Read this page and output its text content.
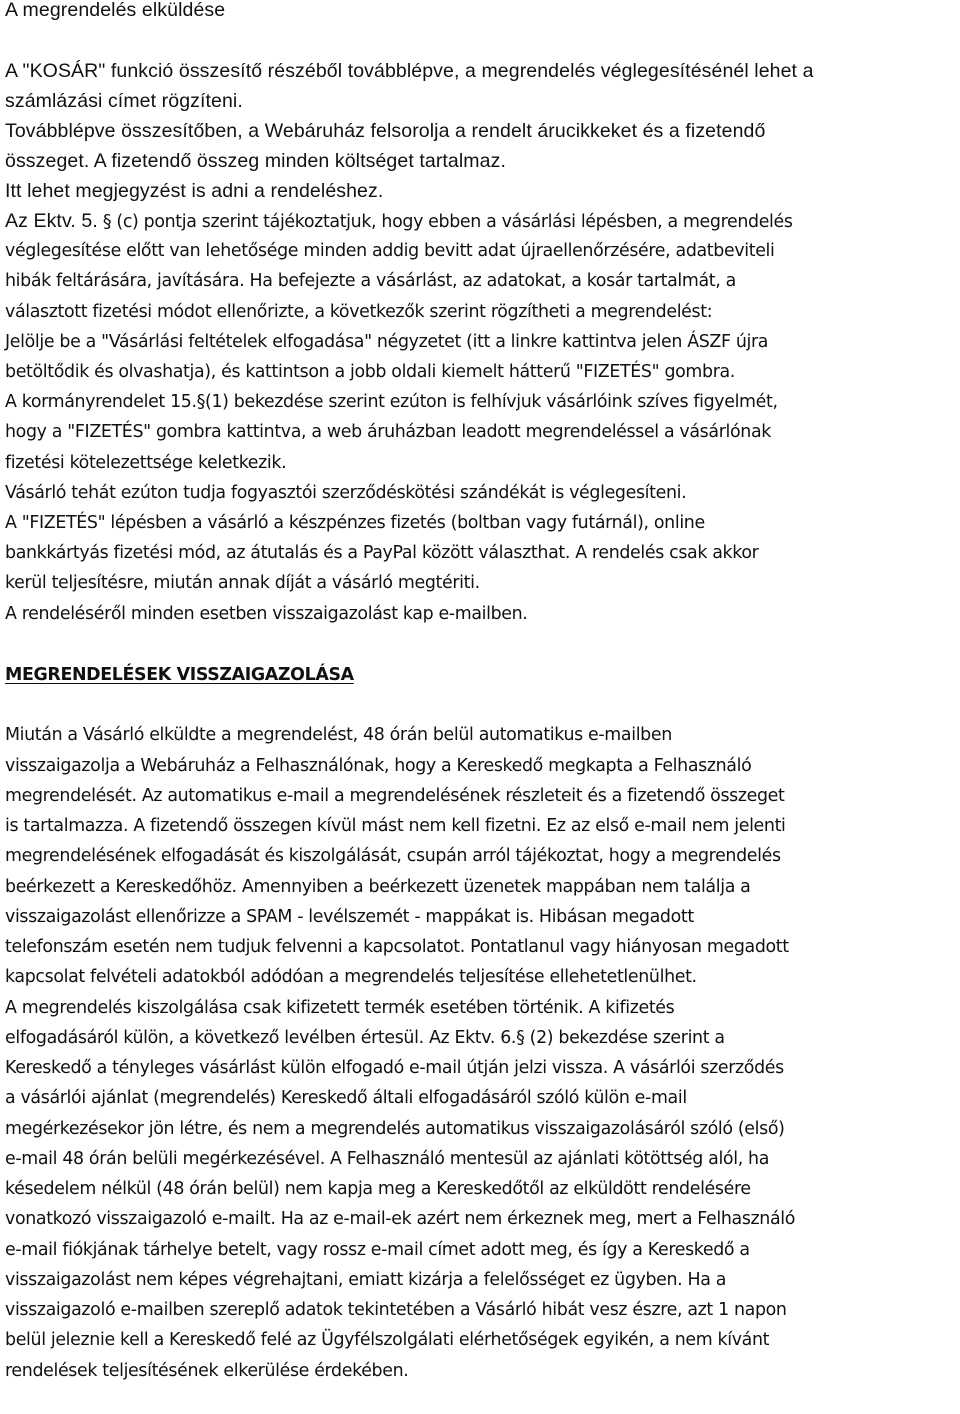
A megrendelés elküldése
A "KOSÁR" funkció összesítő részéből továbblépve, a megrendelés véglegesítésénél lehet a
számlázási címet rögzíteni.
Továbblépve összesítőben, a Webáruház felsorolja a rendelt árucikkeket és a fizetendő
összeget. A fizetendő összeg minden költséget tartalmaz.
Itt lehet megjegyzést is adni a rendeléshez.
Az Ektv. 5. § (c) pontja szerint tájékoztatjuk, hogy ebben a vásárlási lépésben, a megrendelés
véglegesítése előtt van lehetősége minden addig bevitt adat újraellenőrzésére, adatbeviteli
hibák feltárására, javítására. Ha befejezte a vásárlást, az adatokat, a kosár tartalmát, a
választott fizetési módot ellenőrizte, a következők szerint rögzítheti a megrendelést:
Jelölje be a "Vásárlási feltételek elfogadása" négyzetet (itt a linkre kattintva jelen ÁSZF újra
betöltődik és olvashatja), és kattintson a jobb oldali kiemelt hátterű "FIZETÉS" gombra.
A kormányrendelet 15.§(1) bekezdése szerint ezúton is felhívjuk vásárlóink szíves figyelmét,
hogy a "FIZETÉS" gombra kattintva, a web áruházban leadott megrendeléssel a vásárlónak
fizetési kötelezettsége keletkezik.
Vásárló tehát ezúton tudja fogyasztói szerződéskötési szándékát is véglegesíteni.
A "FIZETÉS" lépésben a vásárló a készpénzes fizetés (boltban vagy futárnál), online
bankkártyás fizetési mód, az átutalás és a PayPal között választhat. A rendelés csak akkor
kerül teljesítésre, miután annak díját a vásárló megtériti.
A rendeléséről minden esetben visszaigazolást kap e-mailben.
MEGRENDELÉSEK VISSZAIGAZOLÁSA
Miután a Vásárló elküldte a megrendelést, 48 órán belül automatikus e-mailben
visszaigazolja a Webáruház a Felhasználónak, hogy a Kereskedő megkapta a Felhasználó
megrendelését. Az automatikus e-mail a megrendelésének részleteit és a fizetendő összeget
is tartalmazza. A fizetendő összegen kívül mást nem kell fizetni. Ez az első e-mail nem jelenti
megrendelésének elfogadását és kiszolgálását, csupán arról tájékoztat, hogy a megrendelés
beérkezett a Kereskedőhöz. Amennyiben a beérkezett üzenetek mappában nem találja a
visszaigazolást ellenőrizze a SPAM - levélszemét - mappákat is. Hibásan megadott
telefonszám esetén nem tudjuk felvenni a kapcsolatot. Pontatlanul vagy hiányosan megadott
kapcsolat felvételi adatokból adódóan a megrendelés teljesítése ellehetetlenülhet.
A megrendelés kiszolgálása csak kifizetett termék esetében történik. A kifizetés
elfogadásáról külön, a következő levélben értesül. Az Ektv. 6.§ (2) bekezdése szerint a
Kereskedő a tényleges vásárlást külön elfogadó e-mail útján jelzi vissza. A vásárlói szerződés
a vásárlói ajánlat (megrendelés) Kereskedő általi elfogadásáról szóló külön e-mail
megérkezésekor jön létre, és nem a megrendelés automatikus visszaigazolásáról szóló (első)
e-mail 48 órán belüli megérkezésével. A Felhasználó mentesül az ajánlati kötöttség alól, ha
késedelem nélkül (48 órán belül) nem kapja meg a Kereskedőtől az elküldött rendelésére
vonatkozó visszaigazoló e-mailt. Ha az e-mail-ek azért nem érkeznek meg, mert a Felhasználó
e-mail fiókjának tárhelye betelt, vagy rossz e-mail címet adott meg, és így a Kereskedő a
visszaigazolást nem képes végrehajtani, emiatt kizárja a felelősséget ez ügyben. Ha a
visszaigazoló e-mailben szereplő adatok tekintetében a Vásárló hibát vesz észre, azt 1 napon
belül jeleznie kell a Kereskedő felé az Ügyfélszolgálati elérhetőségek egyikén, a nem kívánt
rendelések teljesítésének elkerülése érdekében.
